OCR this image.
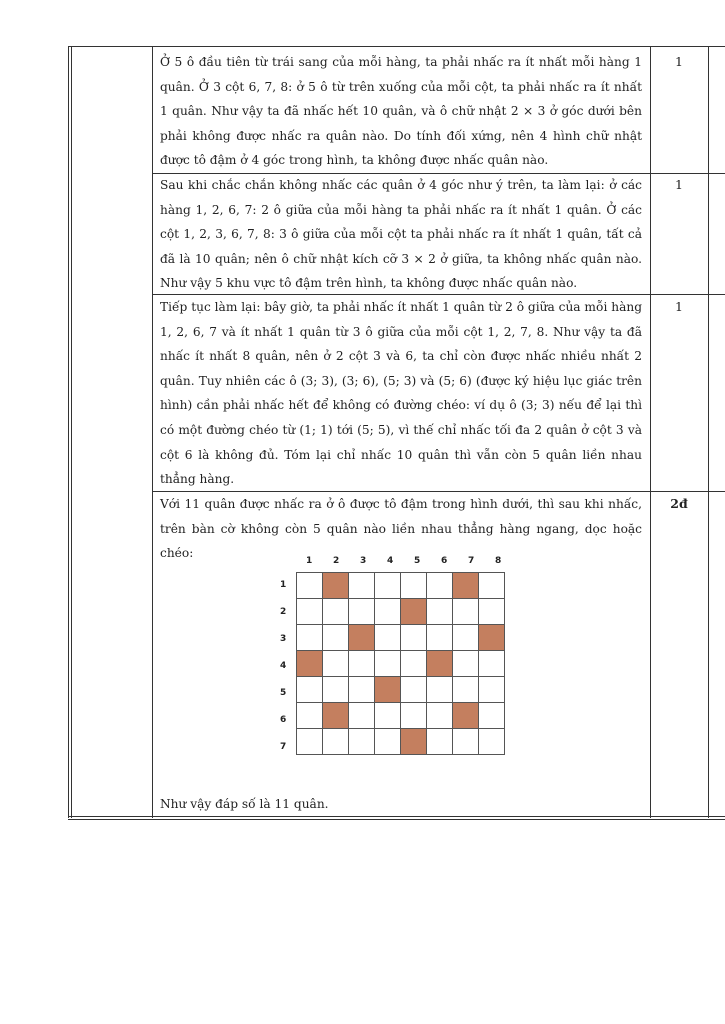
Ở 5 ô đầu tiên từ trái sang của mỗi hàng, ta phải nhấc ra ít nhất mỗi hàng 1 quân. Ở 3 cột 6, 7, 8: ở 5 ô từ trên xuống của mỗi cột, ta phải nhấc ra ít nhất 1 quân. Như vậy ta đã nhấc hết 10 quân, và ô chữ nhật 2 × 3 ở góc dưới bên phải không được nhấc ra quân nào. Do tính đối xứng, nên 4 hình chữ nhật được tô đậm ở 4 góc trong hình, ta không được nhấc quân nào.

1

Sau khi chắc chắn không nhấc các quân ở 4 góc như ý trên, ta làm lại: ở các hàng 1, 2, 6, 7: 2 ô giữa của mỗi hàng ta phải nhấc ra ít nhất 1 quân. Ở các cột 1, 2, 3, 6, 7, 8: 3 ô giữa của mỗi cột ta phải nhấc ra ít nhất 1 quân, tất cả đã là 10 quân; nên ô chữ nhật kích cỡ 3 × 2 ở giữa, ta không nhấc quân nào. Như vậy 5 khu vực tô đậm trên hình, ta không được nhấc quân nào.

1

Tiếp tục làm lại: bây giờ, ta phải nhấc ít nhất 1 quân từ 2 ô giữa của mỗi hàng 1, 2, 6, 7 và ít nhất 1 quân từ 3 ô giữa của mỗi cột 1, 2, 7, 8. Như vậy ta đã nhấc ít nhất 8 quân, nên ở 2 cột 3 và 6, ta chỉ còn được nhấc nhiều nhất 2 quân. Tuy nhiên các ô (3; 3), (3; 6), (5; 3) và (5; 6) (được ký hiệu lục giác trên hình) cần phải nhấc hết để không có đường chéo: ví dụ ô (3; 3) nếu để lại thì có một đường chéo từ (1; 1) tới (5; 5), vì thế chỉ nhấc tối đa 2 quân ở cột 3 và cột 6 là không đủ. Tóm lại chỉ nhấc 10 quân thì vẫn còn 5 quân liền nhau thẳng hàng.

1

Với 11 quân được nhấc ra ở ô được tô đậm trong hình dưới, thì sau khi nhấc, trên bàn cờ không còn 5 quân nào liền nhau thẳng hàng ngang, dọc hoặc chéo:

2đ

Như vậy đáp số là 11 quân.

1 2 3 4 5 6 7 8
1
2
3
4
5
6
7
